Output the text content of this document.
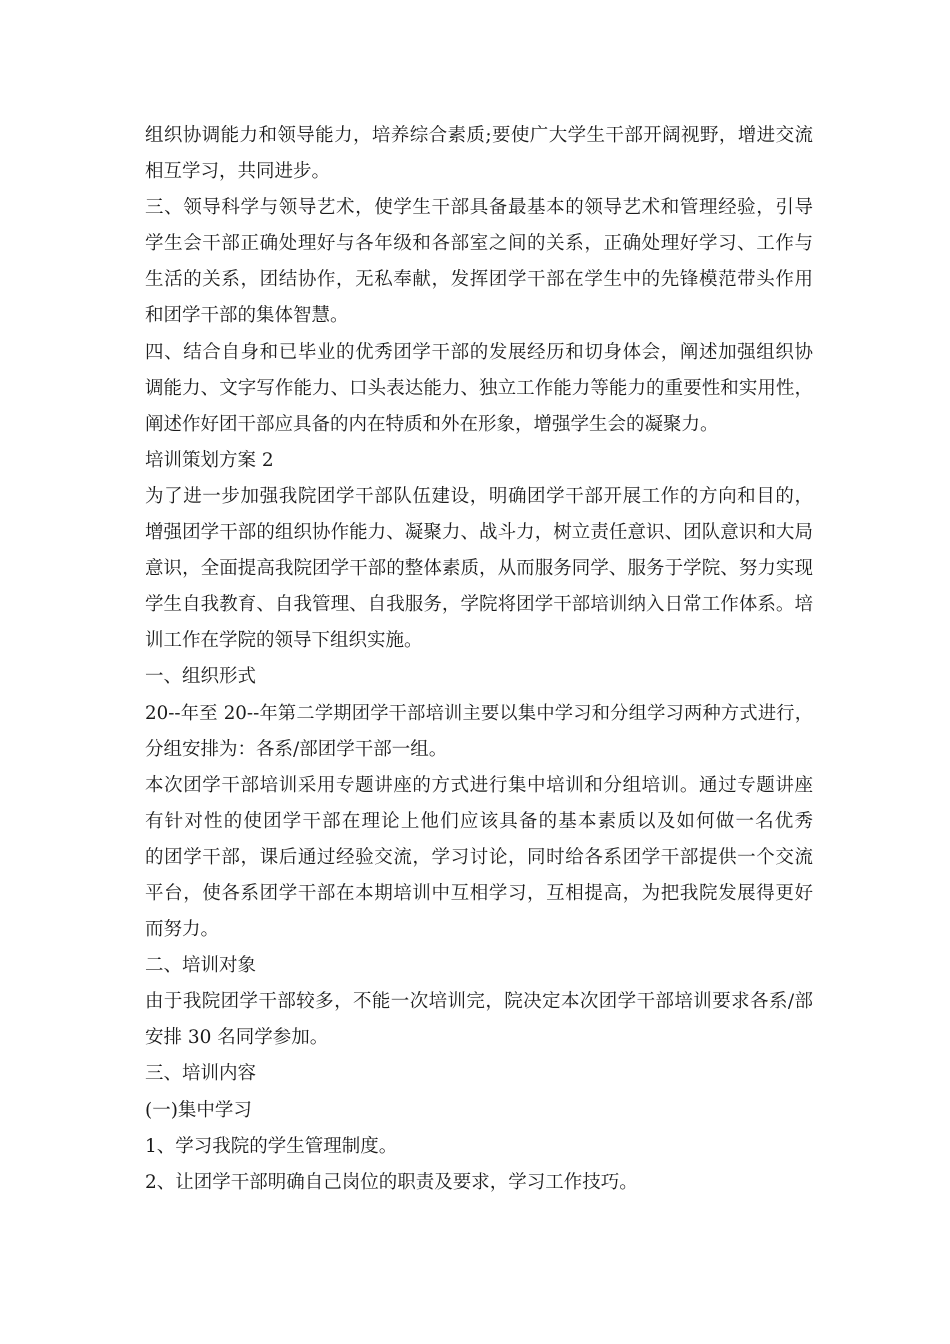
组织协调能力和领导能力，培养综合素质;要使广大学生干部开阔视野，增进交流
相互学习，共同进步。
三、领导科学与领导艺术，使学生干部具备最基本的领导艺术和管理经验，引导
学生会干部正确处理好与各年级和各部室之间的关系，正确处理好学习、工作与
生活的关系，团结协作，无私奉献，发挥团学干部在学生中的先锋模范带头作用
和团学干部的集体智慧。
四、结合自身和已毕业的优秀团学干部的发展经历和切身体会，阐述加强组织协
调能力、文字写作能力、口头表达能力、独立工作能力等能力的重要性和实用性，
阐述作好团干部应具备的内在特质和外在形象，增强学生会的凝聚力。
培训策划方案 2
为了进一步加强我院团学干部队伍建设，明确团学干部开展工作的方向和目的，
增强团学干部的组织协作能力、凝聚力、战斗力，树立责任意识、团队意识和大局
意识，全面提高我院团学干部的整体素质，从而服务同学、服务于学院、努力实现
学生自我教育、自我管理、自我服务，学院将团学干部培训纳入日常工作体系。培
训工作在学院的领导下组织实施。
一、组织形式
20--年至 20--年第二学期团学干部培训主要以集中学习和分组学习两种方式进行，
分组安排为：各系/部团学干部一组。
本次团学干部培训采用专题讲座的方式进行集中培训和分组培训。通过专题讲座
有针对性的使团学干部在理论上他们应该具备的基本素质以及如何做一名优秀
的团学干部，课后通过经验交流，学习讨论，同时给各系团学干部提供一个交流
平台，使各系团学干部在本期培训中互相学习，互相提高，为把我院发展得更好
而努力。
二、培训对象
由于我院团学干部较多，不能一次培训完，院决定本次团学干部培训要求各系/部
安排 30 名同学参加。
三、培训内容
(一)集中学习
1、学习我院的学生管理制度。
2、让团学干部明确自己岗位的职责及要求，学习工作技巧。
